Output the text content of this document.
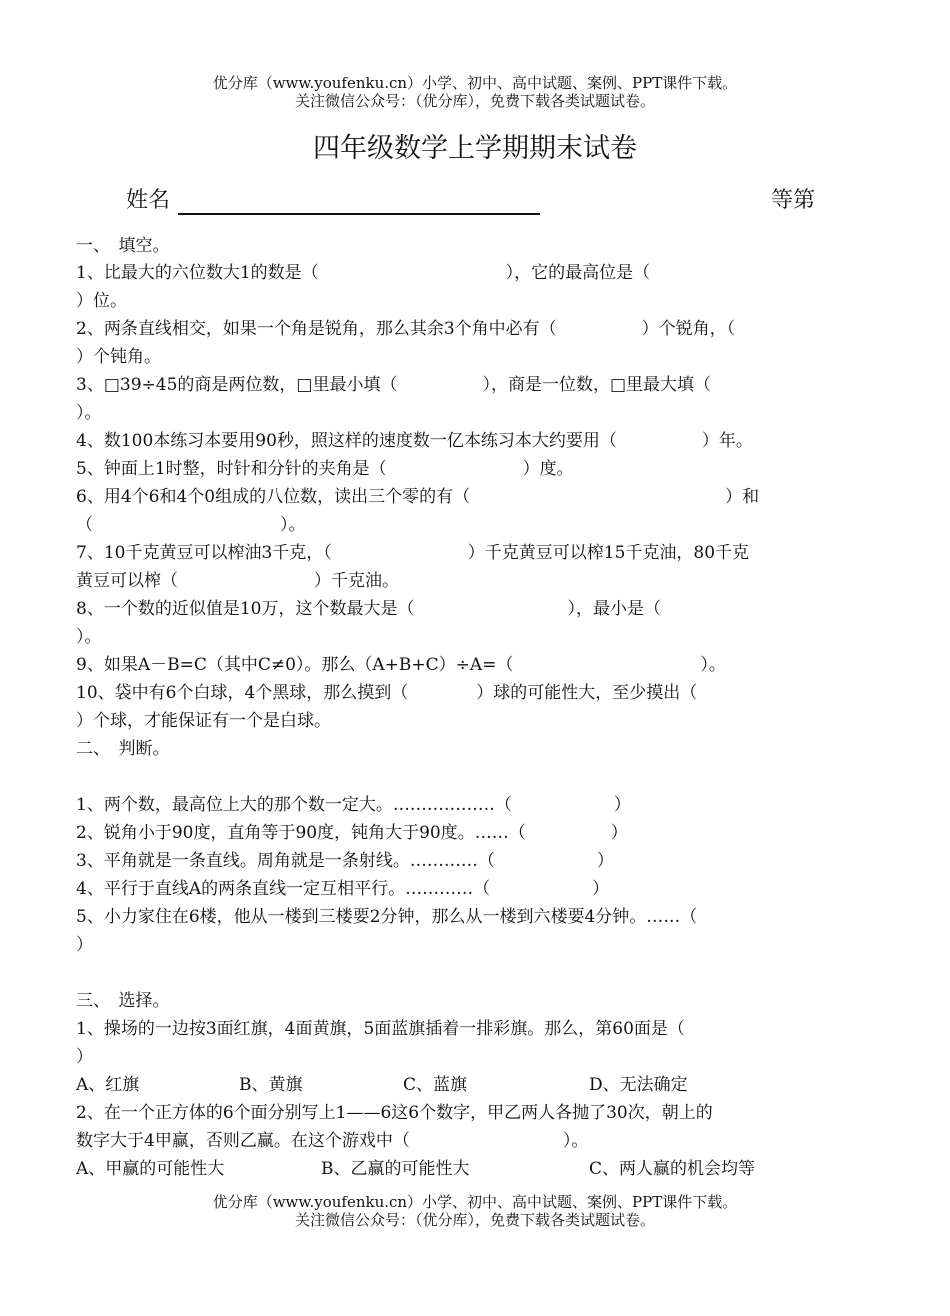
优分库（www.youfenku.cn）小学、初中、高中试题、案例、PPT课件下载。
关注微信公众号：（优分库），免费下载各类试题试卷。
四年级数学上学期期末试卷
姓名	等第
一、　填空。
1、比最大的六位数大1的数是（　　　　　　　　　　　），它的最高位是（
）位。
2、两条直线相交，如果一个角是锐角，那么其余3个角中必有（　　　　　）个锐角，（
）个钝角。
3、□39÷45的商是两位数，□里最小填（　　　　　），商是一位数，□里最大填（
）。
4、数100本练习本要用90秒，照这样的速度数一亿本练习本大约要用（　　　　　）年。
5、钟面上1时整，时针和分针的夹角是（　　　　　　　　）度。
6、用4个6和4个0组成的八位数，读出三个零的有（　　　　　　　　　　　　　　　）和
（　　　　　　　　　　　）。
7、10千克黄豆可以榨油3千克，（　　　　　　　　）千克黄豆可以榨15千克油，80千克
黄豆可以榨（　　　　　　　　）千克油。
8、一个数的近似值是10万，这个数最大是（　　　　　　　　　），最小是（
）。
9、如果A－B=C（其中C≠0）。那么（A+B+C）÷A=（　　　　　　　　　　　）。
10、袋中有6个白球，4个黑球，那么摸到（　　　　）球的可能性大，至少摸出（
）个球，才能保证有一个是白球。
二、　判断。
1、两个数，最高位上大的那个数一定大。………………（　　　　　　）
2、锐角小于90度，直角等于90度，钝角大于90度。……（　　　　　）
3、平角就是一条直线。周角就是一条射线。…………（　　　　　　）
4、平行于直线A的两条直线一定互相平行。…………（　　　　　　）
5、小力家住在6楼，他从一楼到三楼要2分钟，那么从一楼到六楼要4分钟。……（
）
三、　选择。
1、操场的一边按3面红旗，4面黄旗，5面蓝旗插着一排彩旗。那么，第60面是（
）
A、红旗	B、黄旗	C、蓝旗	D、无法确定
2、在一个正方体的6个面分别写上1——6这6个数字，甲乙两人各抛了30次，朝上的
数字大于4甲赢，否则乙赢。在这个游戏中（　　　　　　　　　）。
A、甲赢的可能性大	B、乙赢的可能性大	C、两人赢的机会均等
优分库（www.youfenku.cn）小学、初中、高中试题、案例、PPT课件下载。
关注微信公众号：（优分库），免费下载各类试题试卷。
